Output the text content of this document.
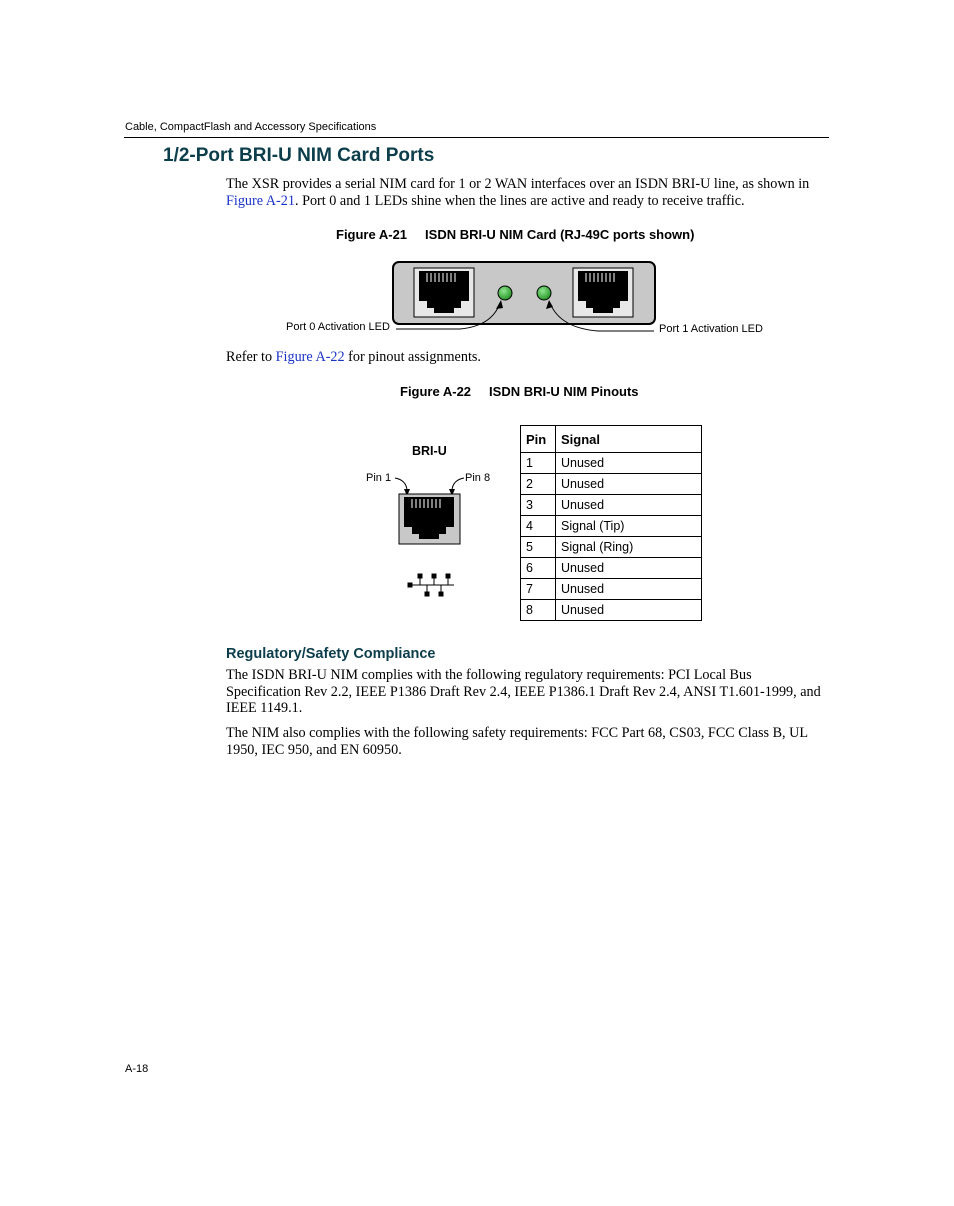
Cable, CompactFlash and Accessory Specifications
1/2-Port BRI-U NIM Card Ports
The XSR provides a serial NIM card for 1 or 2 WAN interfaces over an ISDN BRI-U line, as shown in Figure A-21. Port 0 and 1 LEDs shine when the lines are active and ready to receive traffic.
Figure A-21 ISDN BRI-U NIM Card (RJ-49C ports shown)
Port 0 Activation LED	Port 1 Activation LED
Refer to Figure A-22 for pinout assignments.
Figure A-22 ISDN BRI-U NIM Pinouts
BRI-U
Pin 1	Pin 8
Pin	Signal
1	Unused
2	Unused
3	Unused
4	Signal (Tip)
5	Signal (Ring)
6	Unused
7	Unused
8	Unused
Regulatory/Safety Compliance
The ISDN BRI-U NIM complies with the following regulatory requirements: PCI Local Bus Specification Rev 2.2, IEEE P1386 Draft Rev 2.4, IEEE P1386.1 Draft Rev 2.4, ANSI T1.601-1999, and IEEE 1149.1.
The NIM also complies with the following safety requirements: FCC Part 68, CS03, FCC Class B, UL 1950, IEC 950, and EN 60950.
A-18
